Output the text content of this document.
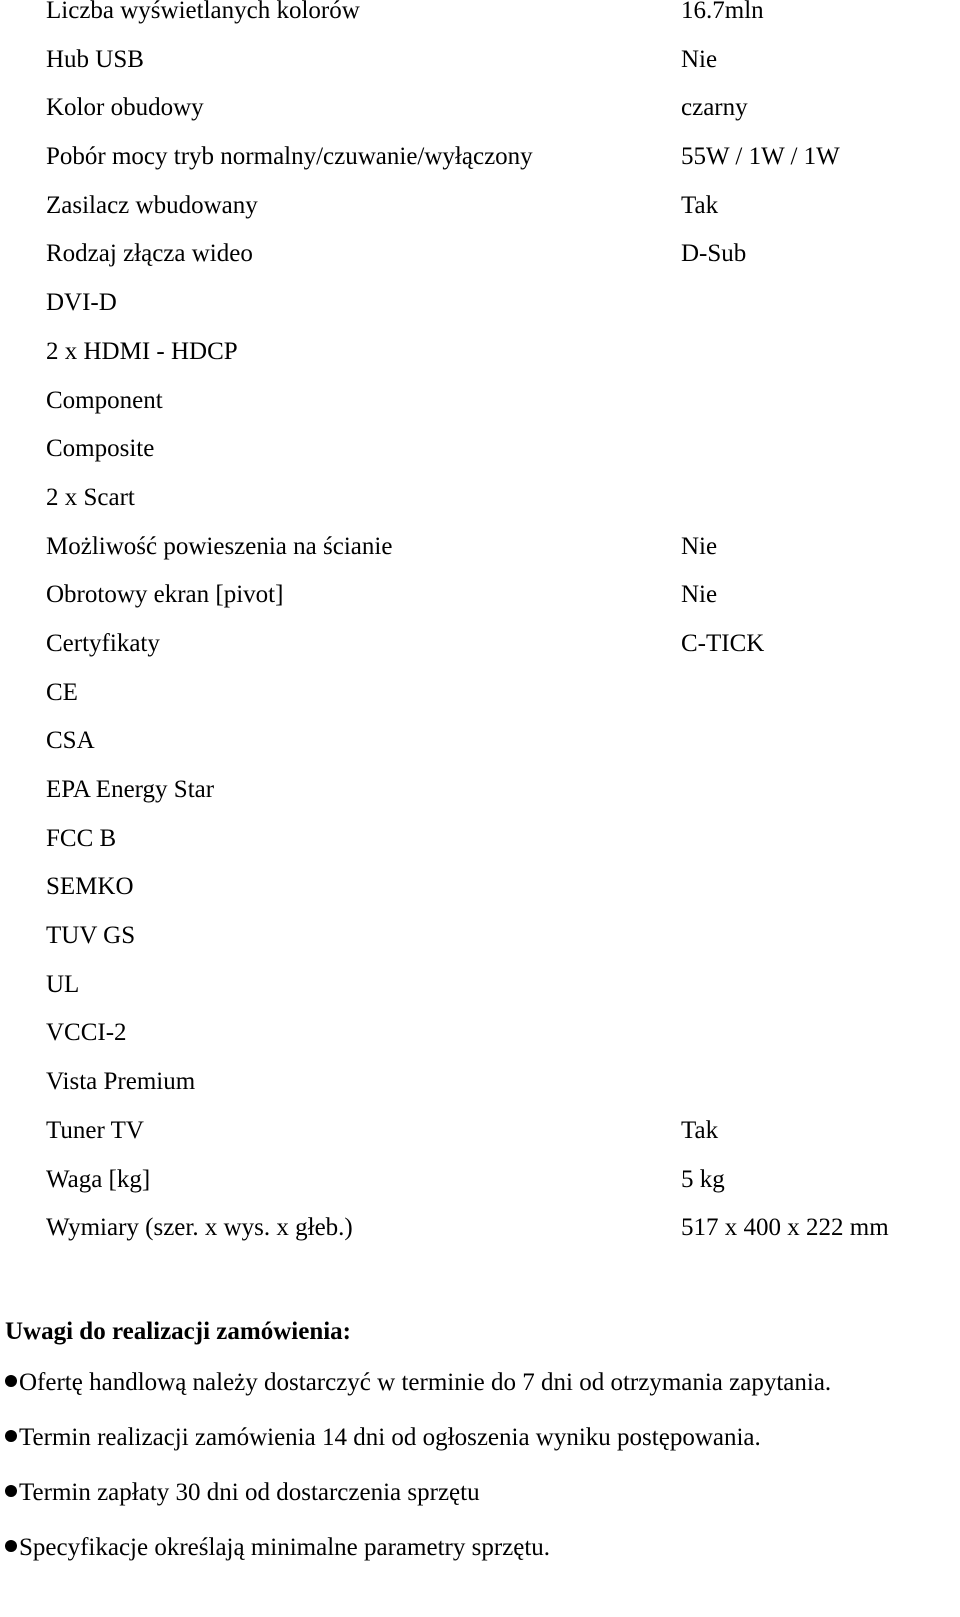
Liczba wyświetlanych kolorów	16.7mln
Hub USB	Nie
Kolor obudowy	czarny
Pobór mocy tryb normalny/czuwanie/wyłączony	55W / 1W / 1W
Zasilacz wbudowany	Tak
Rodzaj złącza wideo	D-Sub
DVI-D
2 x HDMI - HDCP
Component
Composite
2 x Scart
Możliwość powieszenia na ścianie	Nie
Obrotowy ekran [pivot]	Nie
Certyfikaty	C-TICK
CE
CSA
EPA Energy Star
FCC B
SEMKO
TUV GS
UL
VCCI-2
Vista Premium
Tuner TV	Tak
Waga [kg]	5 kg
Wymiary (szer. x wys. x głeb.)	517 x 400 x 222 mm
Uwagi do realizacji zamówienia:
Ofertę handlową należy dostarczyć w terminie do 7 dni od otrzymania zapytania.
Termin realizacji zamówienia 14 dni od ogłoszenia wyniku postępowania.
Termin zapłaty 30 dni od dostarczenia sprzętu
Specyfikacje określają minimalne parametry sprzętu.
